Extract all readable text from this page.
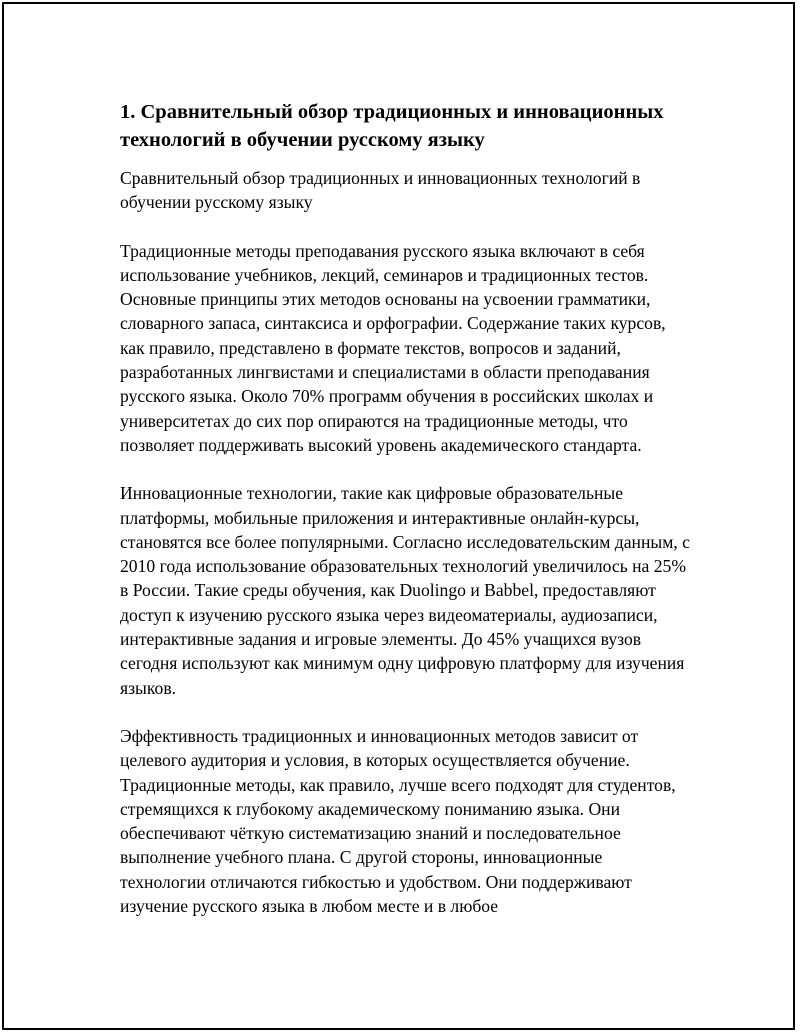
1. Сравнительный обзор традиционных и инновационных технологий в обучении русскому языку

Сравнительный обзор традиционных и инновационных технологий в обучении русскому языку

Традиционные методы преподавания русского языка включают в себя использование учебников, лекций, семинаров и традиционных тестов. Основные принципы этих методов основаны на усвоении грамматики, словарного запаса, синтаксиса и орфографии. Содержание таких курсов, как правило, представлено в формате текстов, вопросов и заданий, разработанных лингвистами и специалистами в области преподавания русского языка. Около 70% программ обучения в российских школах и университетах до сих пор опираются на традиционные методы, что позволяет поддерживать высокий уровень академического стандарта.

Инновационные технологии, такие как цифровые образовательные платформы, мобильные приложения и интерактивные онлайн-курсы, становятся все более популярными. Согласно исследовательским данным, с 2010 года использование образовательных технологий увеличилось на 25% в России. Такие среды обучения, как Duolingo и Babbel, предоставляют доступ к изучению русского языка через видеоматериалы, аудиозаписи, интерактивные задания и игровые элементы. До 45% учащихся вузов сегодня используют как минимум одну цифровую платформу для изучения языков.

Эффективность традиционных и инновационных методов зависит от целевого аудитория и условия, в которых осуществляется обучение. Традиционные методы, как правило, лучше всего подходят для студентов, стремящихся к глубокому академическому пониманию языка. Они обеспечивают чёткую систематизацию знаний и последовательное выполнение учебного плана. С другой стороны, инновационные технологии отличаются гибкостью и удобством. Они поддерживают изучение русского языка в любом месте и в любое
